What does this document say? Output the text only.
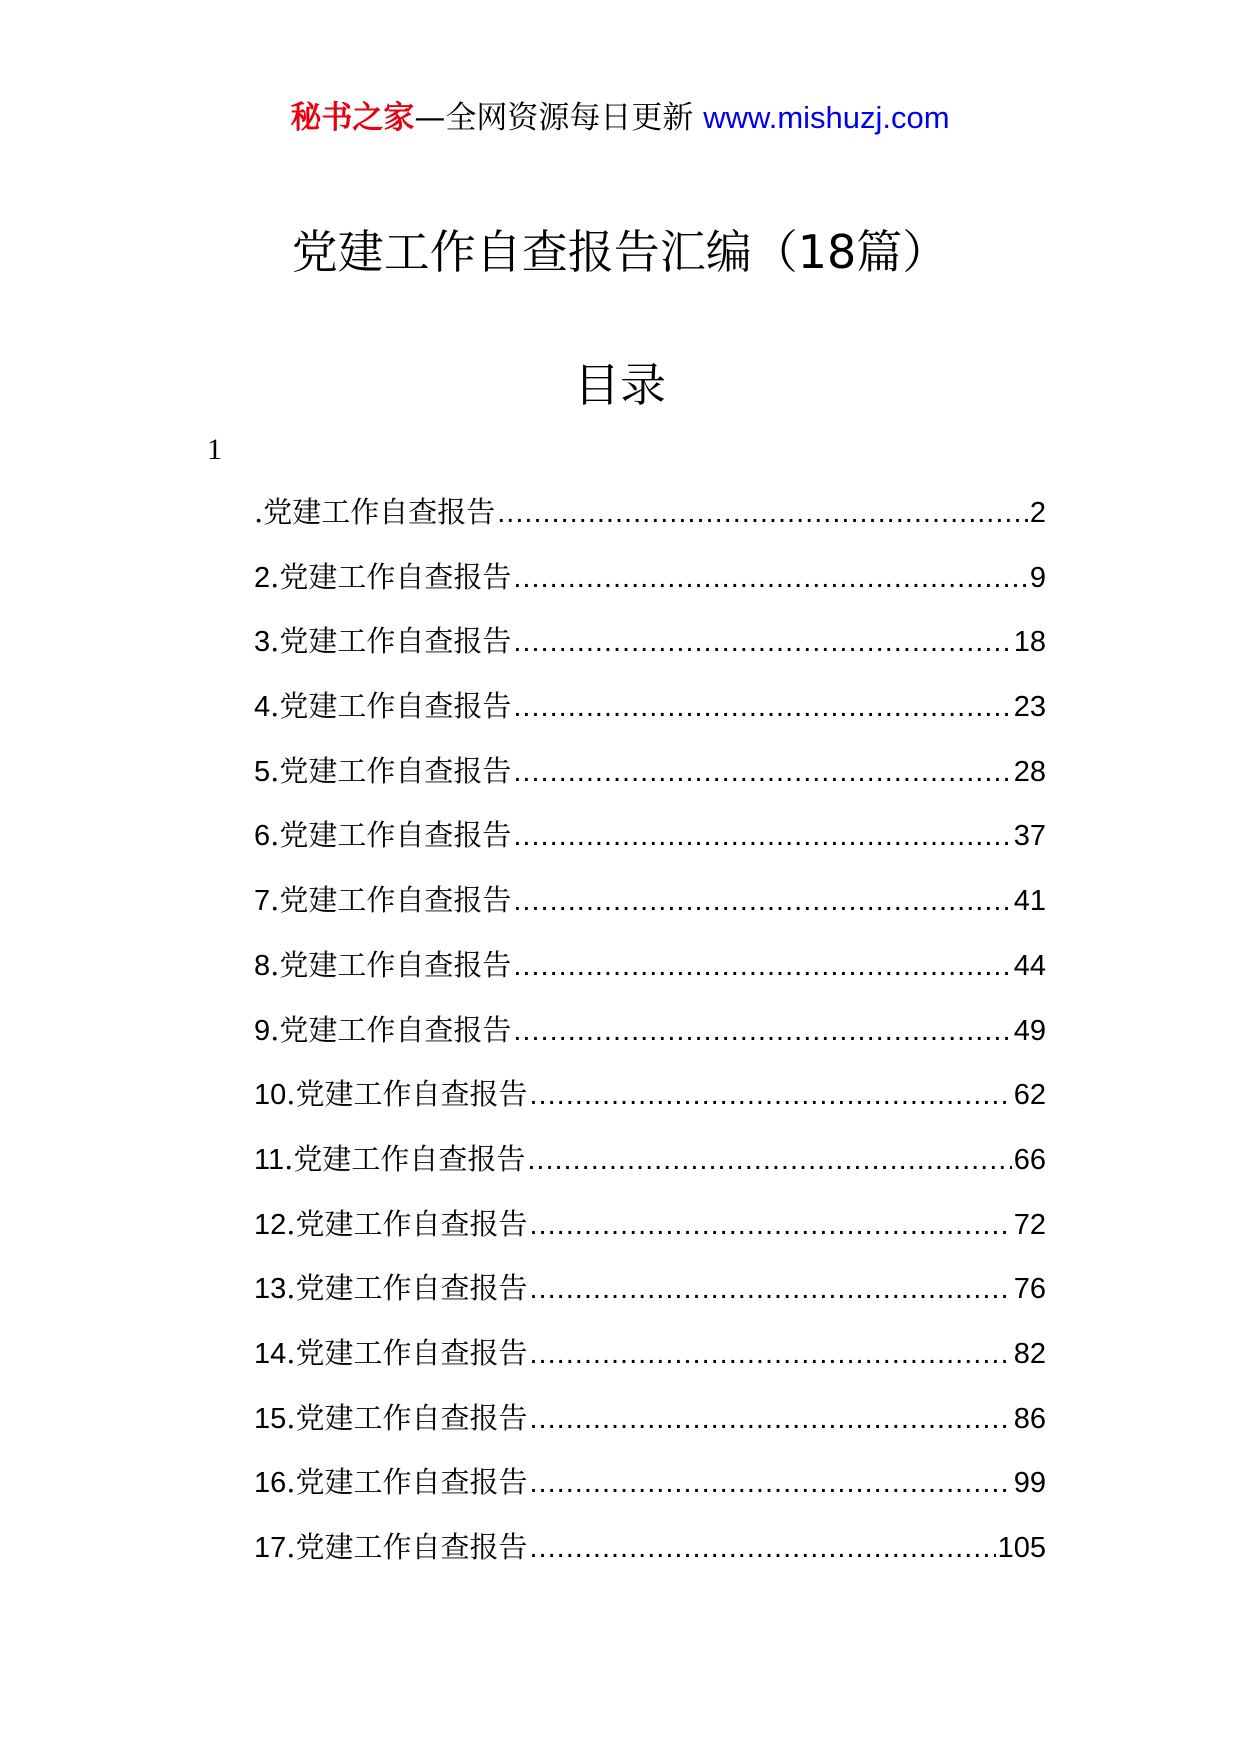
秘书之家—全网资源每日更新 www.mishuzj.com
党建工作自查报告汇编（18篇）
目录
1
.党建工作自查报告 .....	2
2.党建工作自查报告 .....	9
3.党建工作自查报告 .....	18
4.党建工作自查报告 .....	23
5.党建工作自查报告 .....	28
6.党建工作自查报告 .....	37
7.党建工作自查报告 .....	41
8.党建工作自查报告 .....	44
9.党建工作自查报告 .....	49
10.党建工作自查报告 .....	62
11.党建工作自查报告 .....	66
12.党建工作自查报告 .....	72
13.党建工作自查报告 .....	76
14.党建工作自查报告 .....	82
15.党建工作自查报告 .....	86
16.党建工作自查报告 .....	99
17.党建工作自查报告 .....	105
